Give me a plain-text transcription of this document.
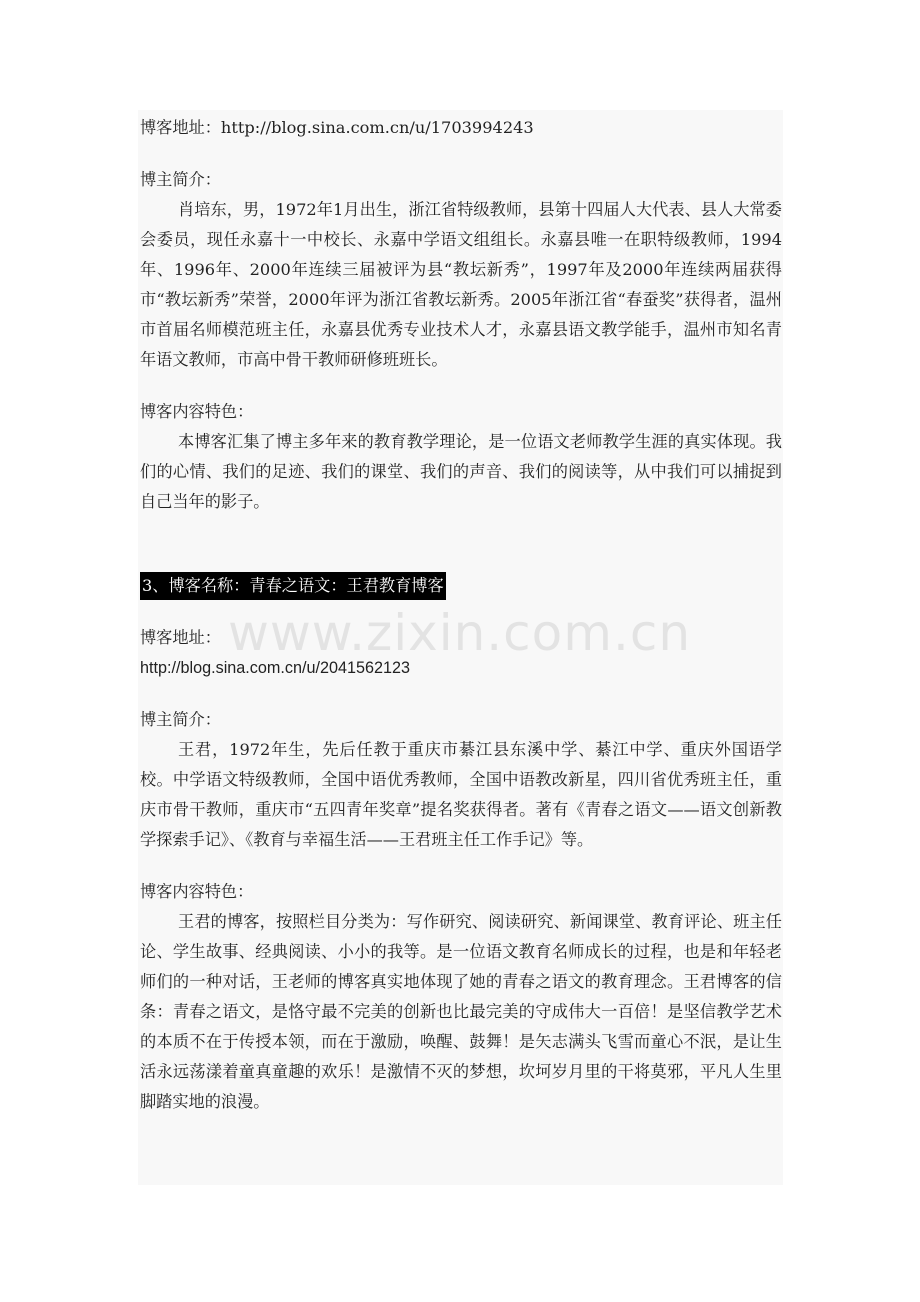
博客地址：http://blog.sina.com.cn/u/1703994243
博主简介：

肖培东，男，1972年1月出生，浙江省特级教师，县第十四届人大代表、县人大常委会委员，现任永嘉十一中校长、永嘉中学语文组组长。永嘉县唯一在职特级教师，1994年、1996年、2000年连续三届被评为县“教坛新秀”，1997年及2000年连续两届获得市“教坛新秀”荣誉，2000年评为浙江省教坛新秀。2005年浙江省“春蚕奖”获得者，温州市首届名师模范班主任，永嘉县优秀专业技术人才，永嘉县语文教学能手，温州市知名青年语文教师，市高中骨干教师研修班班长。

博客内容特色：

本博客汇集了博主多年来的教育教学理论，是一位语文老师教学生涯的真实体现。我们的心情、我们的足迹、我们的课堂、我们的声音、我们的阅读等，从中我们可以捕捉到自己当年的影子。

3、博客名称：青春之语文：王君教育博客
博客地址：
http://blog.sina.com.cn/u/2041562123
博主简介：

王君，1972年生，先后任教于重庆市綦江县东溪中学、綦江中学、重庆外国语学校。中学语文特级教师，全国中语优秀教师，全国中语教改新星，四川省优秀班主任，重庆市骨干教师，重庆市“五四青年奖章”提名奖获得者。著有《青春之语文——语文创新教学探索手记》、《教育与幸福生活——王君班主任工作手记》等。

博客内容特色：

王君的博客，按照栏目分类为：写作研究、阅读研究、新闻课堂、教育评论、班主任论、学生故事、经典阅读、小小的我等。是一位语文教育名师成长的过程，也是和年轻老师们的一种对话，王老师的博客真实地体现了她的青春之语文的教育理念。王君博客的信条：青春之语文，是恪守最不完美的创新也比最完美的守成伟大一百倍！是坚信教学艺术的本质不在于传授本领，而在于激励，唤醒、鼓舞！是矢志满头飞雪而童心不泯，是让生活永远荡漾着童真童趣的欢乐！是激情不灭的梦想，坎坷岁月里的干将莫邪，平凡人生里脚踏实地的浪漫。

www.zixin.com.cn
